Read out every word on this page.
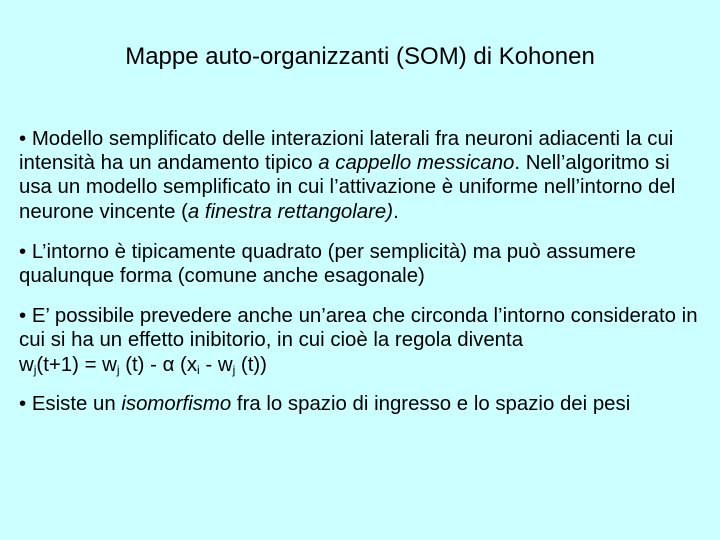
Mappe auto-organizzanti (SOM) di Kohonen

• Modello semplificato delle interazioni laterali fra neuroni adiacenti la cui intensità ha un andamento tipico a cappello messicano. Nell’algoritmo si usa un modello semplificato in cui l’attivazione è uniforme nell’intorno del neurone vincente (a finestra rettangolare).

• L’intorno è tipicamente quadrato (per semplicità) ma può assumere qualunque forma (comune anche esagonale)

• E’ possibile prevedere anche un’area che circonda l’intorno considerato in cui si ha un effetto inibitorio, in cui cioè la regola diventaw$_j$(t+1) = $w_j$ (t) - α ($x_i - w_j$ (t))

• Esiste un isomorfismo fra lo spazio di ingresso e lo spazio dei pesi
